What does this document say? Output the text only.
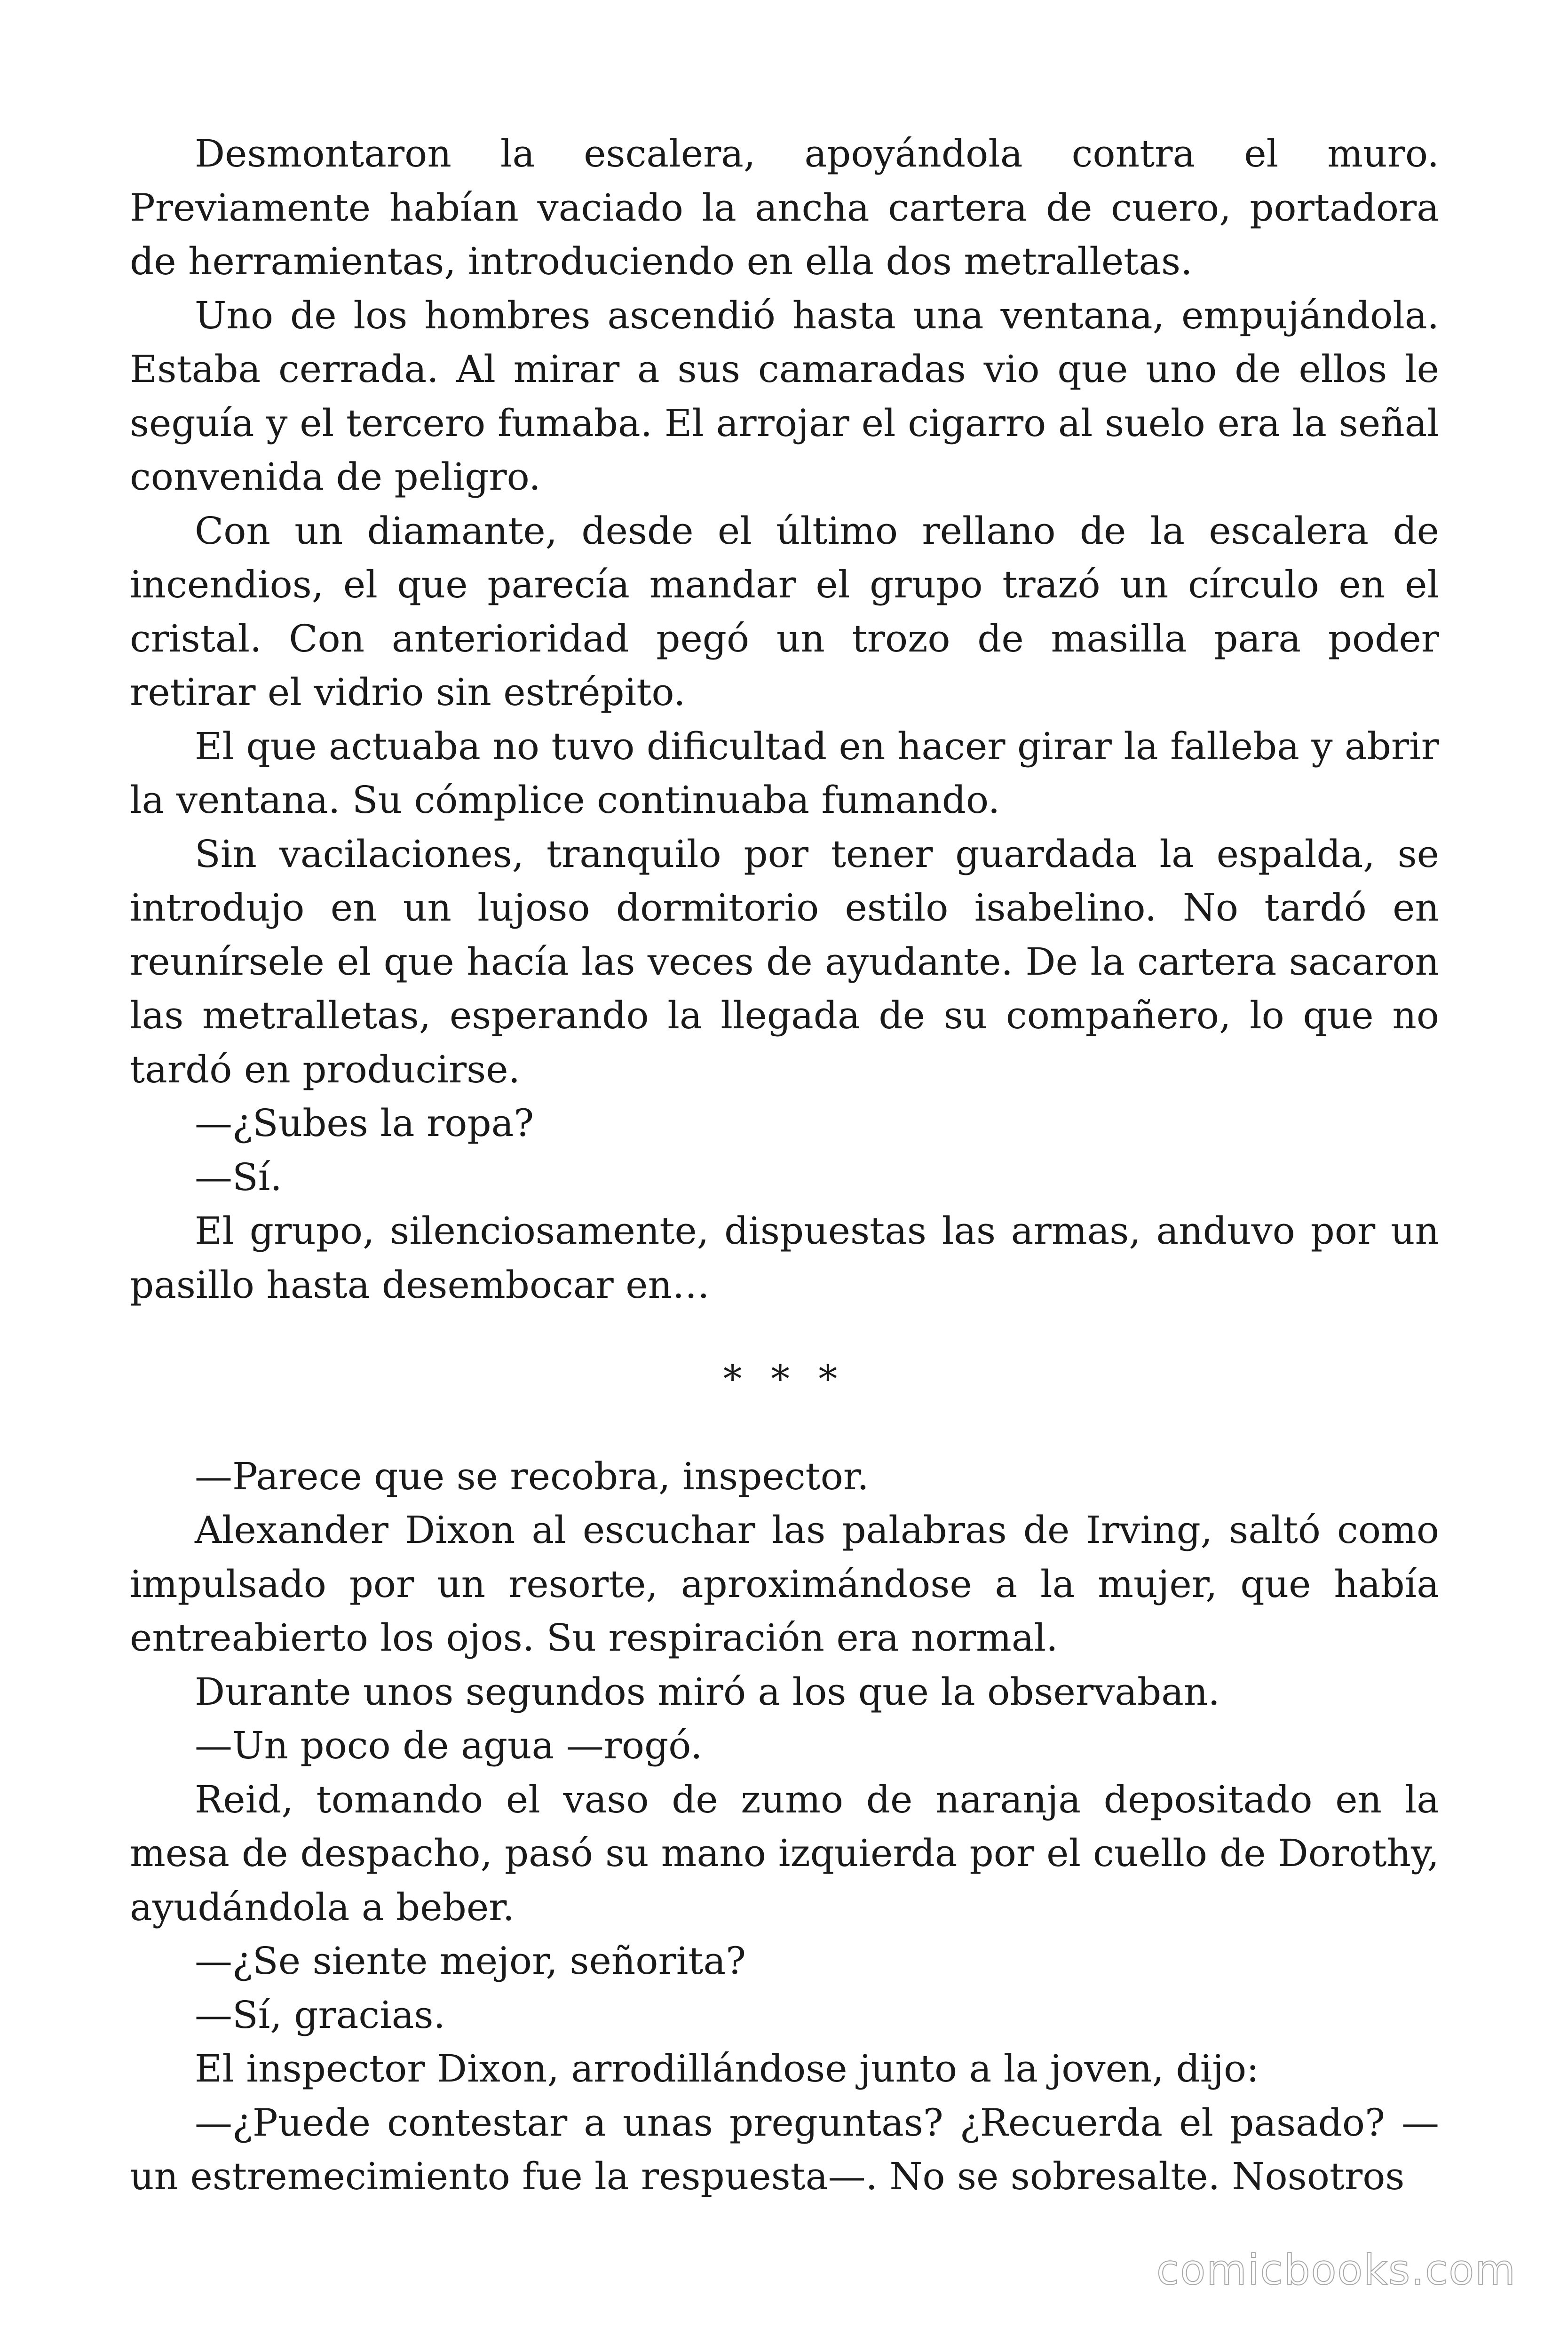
Desmontaron la escalera, apoyándola contra el muro. Previamente habían vaciado la ancha cartera de cuero, portadora de herramientas, introduciendo en ella dos metralletas.

Uno de los hombres ascendió hasta una ventana, empujándola. Estaba cerrada. Al mirar a sus camaradas vio que uno de ellos le seguía y el tercero fumaba. El arrojar el cigarro al suelo era la señal convenida de peligro.

Con un diamante, desde el último rellano de la escalera de incendios, el que parecía mandar el grupo trazó un círculo en el cristal. Con anterioridad pegó un trozo de masilla para poder retirar el vidrio sin estrépito.

El que actuaba no tuvo dificultad en hacer girar la falleba y abrir la ventana. Su cómplice continuaba fumando.

Sin vacilaciones, tranquilo por tener guardada la espalda, se introdujo en un lujoso dormitorio estilo isabelino. No tardó en reunírsele el que hacía las veces de ayudante. De la cartera sacaron las metralletas, esperando la llegada de su compañero, lo que no tardó en producirse.

—¿Subes la ropa?

—Sí.

El grupo, silenciosamente, dispuestas las armas, anduvo por un pasillo hasta desembocar en…

* * *

—Parece que se recobra, inspector.

Alexander Dixon al escuchar las palabras de Irving, saltó como impulsado por un resorte, aproximándose a la mujer, que había entreabierto los ojos. Su respiración era normal.

Durante unos segundos miró a los que la observaban.

—Un poco de agua —rogó.

Reid, tomando el vaso de zumo de naranja depositado en la mesa de despacho, pasó su mano izquierda por el cuello de Dorothy, ayudándola a beber.

—¿Se siente mejor, señorita?

—Sí, gracias.

El inspector Dixon, arrodillándose junto a la joven, dijo:

—¿Puede contestar a unas preguntas? ¿Recuerda el pasado? —un estremecimiento fue la respuesta—. No se sobresalte. Nosotros

comicbooks.com
